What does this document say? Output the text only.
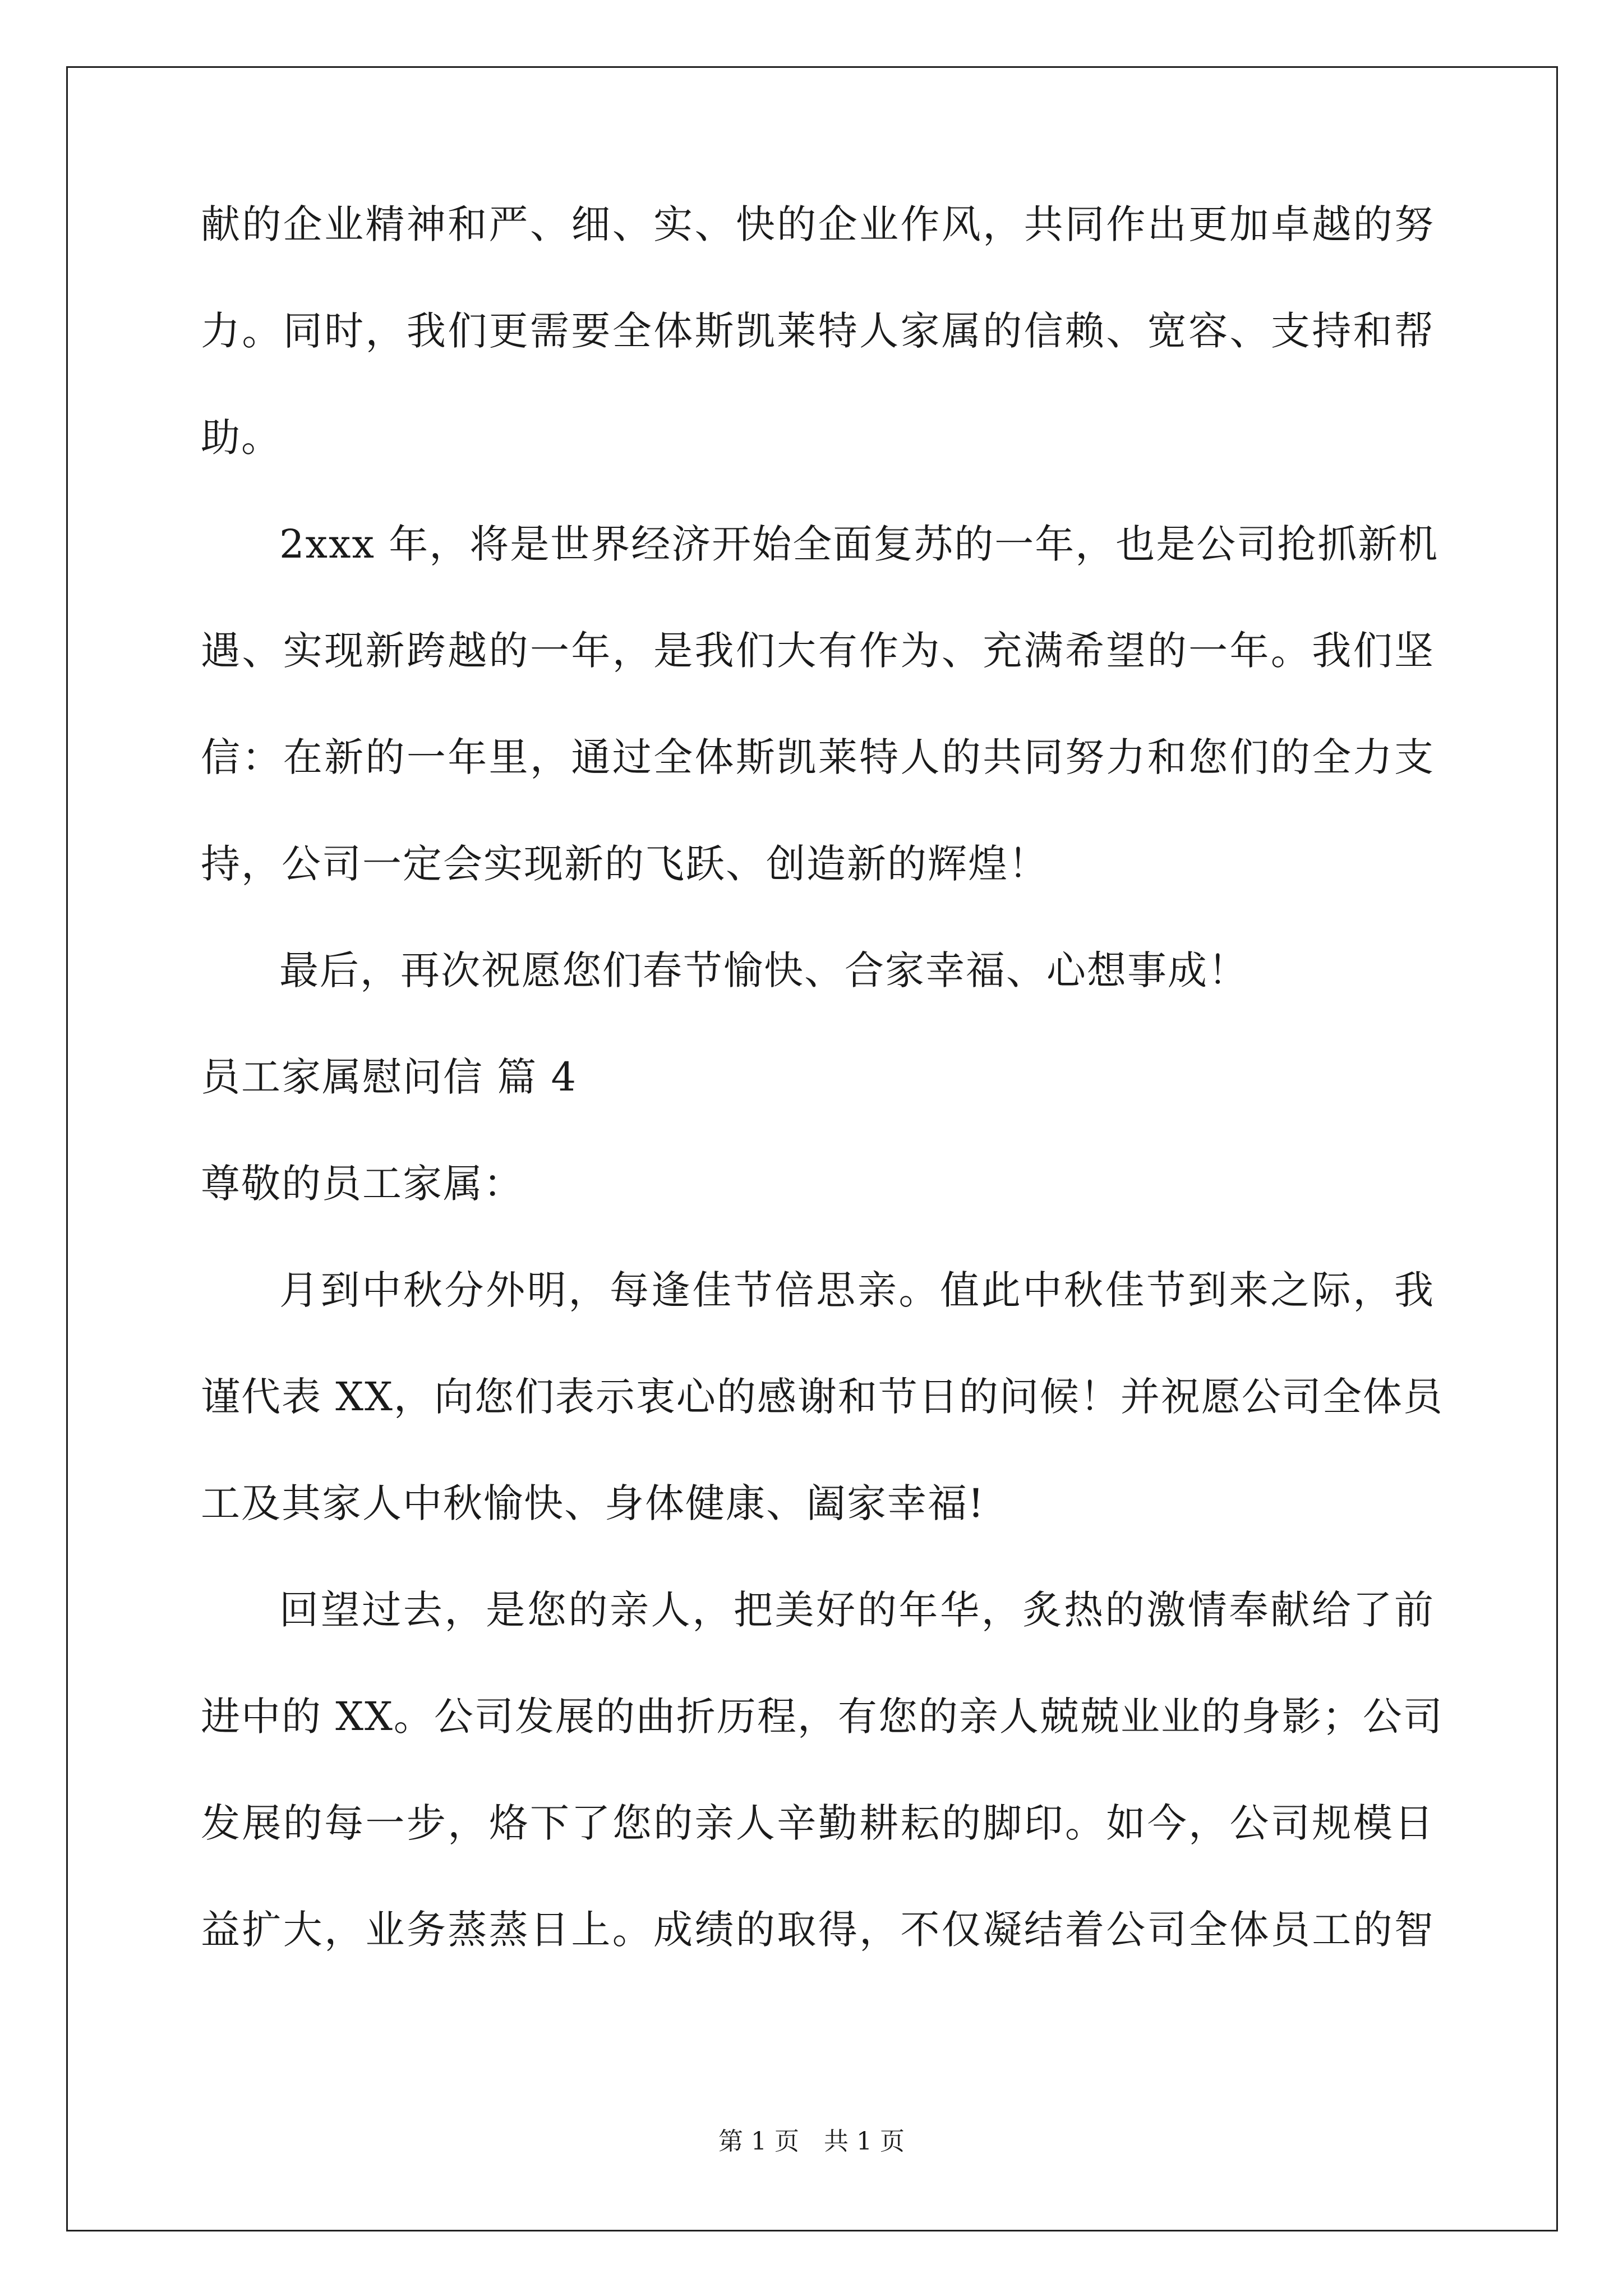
献的企业精神和严、细、实、快的企业作风，共同作出更加卓越的努
力。同时，我们更需要全体斯凯莱特人家属的信赖、宽容、支持和帮
助。
2xxx 年，将是世界经济开始全面复苏的一年，也是公司抢抓新机
遇、实现新跨越的一年，是我们大有作为、充满希望的一年。我们坚
信：在新的一年里，通过全体斯凯莱特人的共同努力和您们的全力支
持，公司一定会实现新的飞跃、创造新的辉煌！
最后，再次祝愿您们春节愉快、合家幸福、心想事成！
员工家属慰问信 篇 4
尊敬的员工家属：
月到中秋分外明，每逢佳节倍思亲。值此中秋佳节到来之际，我
谨代表 XX，向您们表示衷心的感谢和节日的问候！并祝愿公司全体员
工及其家人中秋愉快、身体健康、阖家幸福!
回望过去，是您的亲人，把美好的年华，炙热的激情奉献给了前
进中的 XX。公司发展的曲折历程，有您的亲人兢兢业业的身影；公司
发展的每一步，烙下了您的亲人辛勤耕耘的脚印。如今，公司规模日
益扩大，业务蒸蒸日上。成绩的取得，不仅凝结着公司全体员工的智
第 1 页　共 1 页
